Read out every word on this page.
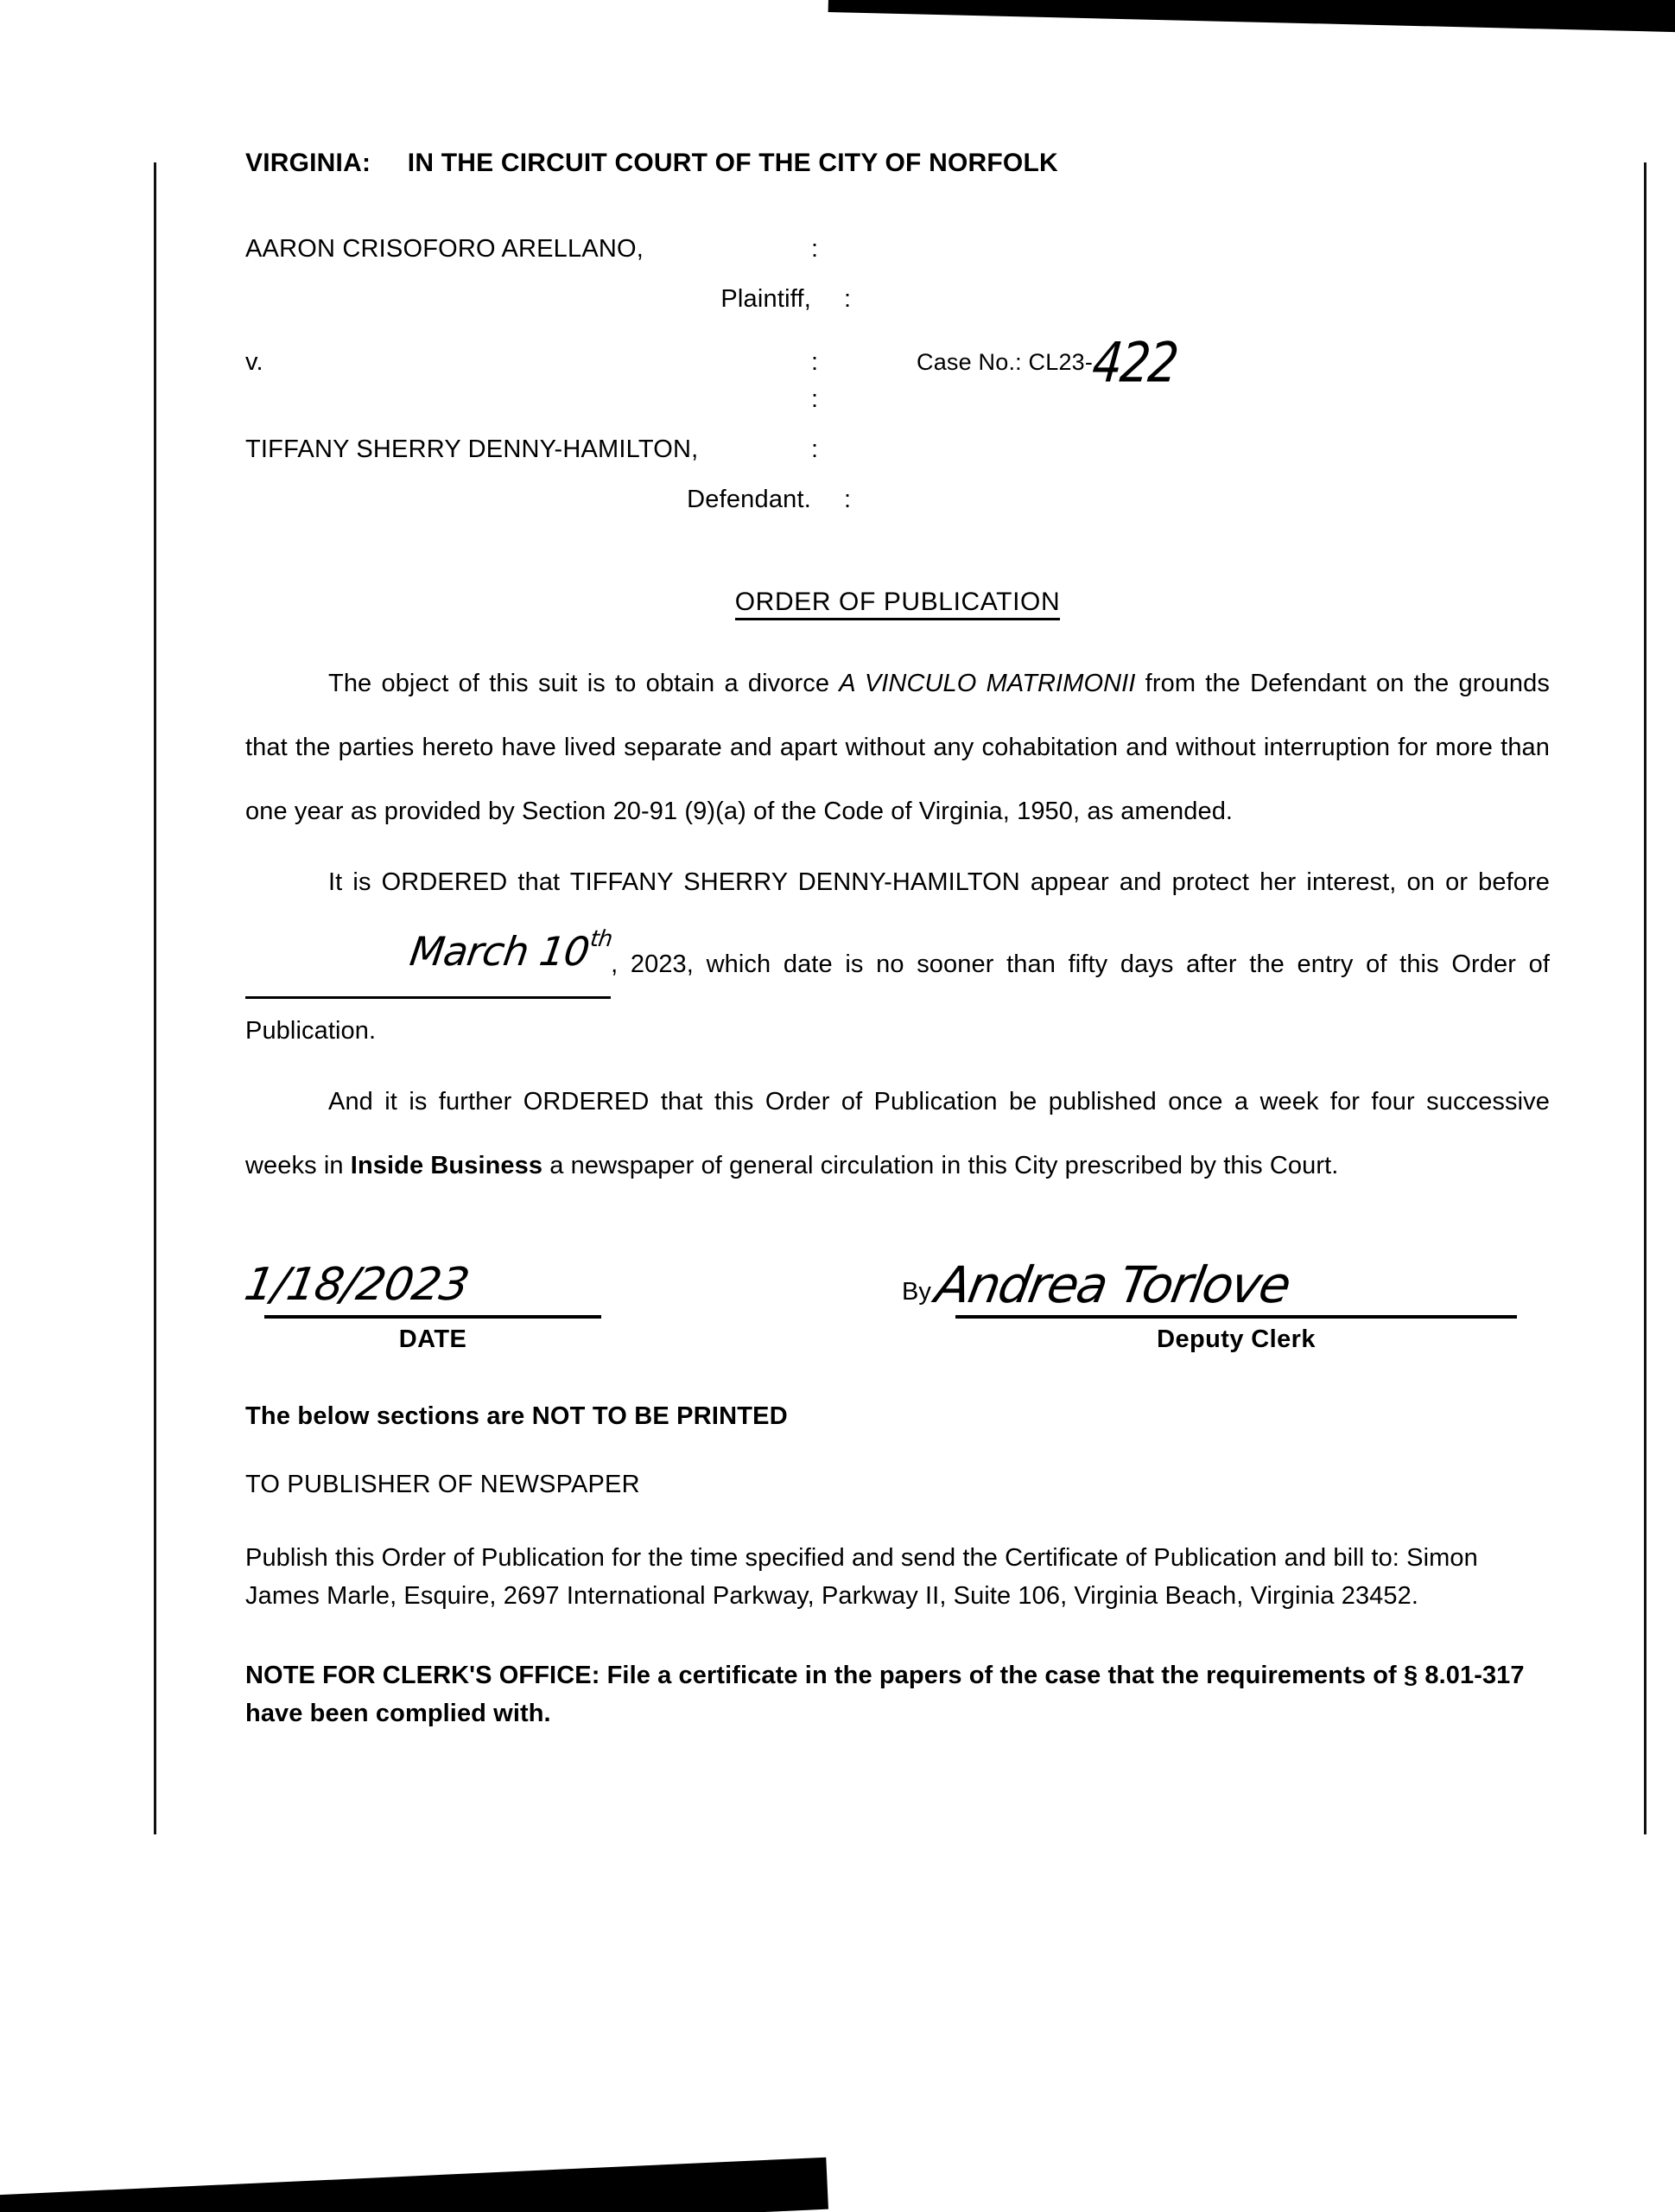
VIRGINIA:     IN THE CIRCUIT COURT OF THE CITY OF NORFOLK
AARON CRISOFORO ARELLANO,	:
Plaintiff,	:
v.	:	Case No.: CL23-422
:
TIFFANY SHERRY DENNY-HAMILTON,	:
Defendant.	:
ORDER OF PUBLICATION

The object of this suit is to obtain a divorce A VINCULO MATRIMONII from the Defendant on the grounds that the parties hereto have lived separate and apart without any cohabitation and without interruption for more than one year as provided by Section 20-91 (9)(a) of the Code of Virginia, 1950, as amended.

It is ORDERED that TIFFANY SHERRY DENNY-HAMILTON appear and protect her interest, on or before March 10th, 2023, which date is no sooner than fifty days after the entry of this Order of Publication.

And it is further ORDERED that this Order of Publication be published once a week for four successive weeks in Inside Business a newspaper of general circulation in this City prescribed by this Court.

1/18/2023
DATE
By Andrea Torlove
Deputy Clerk
The below sections are NOT TO BE PRINTED
TO PUBLISHER OF NEWSPAPER
Publish this Order of Publication for the time specified and send the Certificate of Publication and bill to: Simon James Marle, Esquire, 2697 International Parkway, Parkway II, Suite 106, Virginia Beach, Virginia 23452.
NOTE FOR CLERK'S OFFICE: File a certificate in the papers of the case that the requirements of § 8.01-317 have been complied with.
